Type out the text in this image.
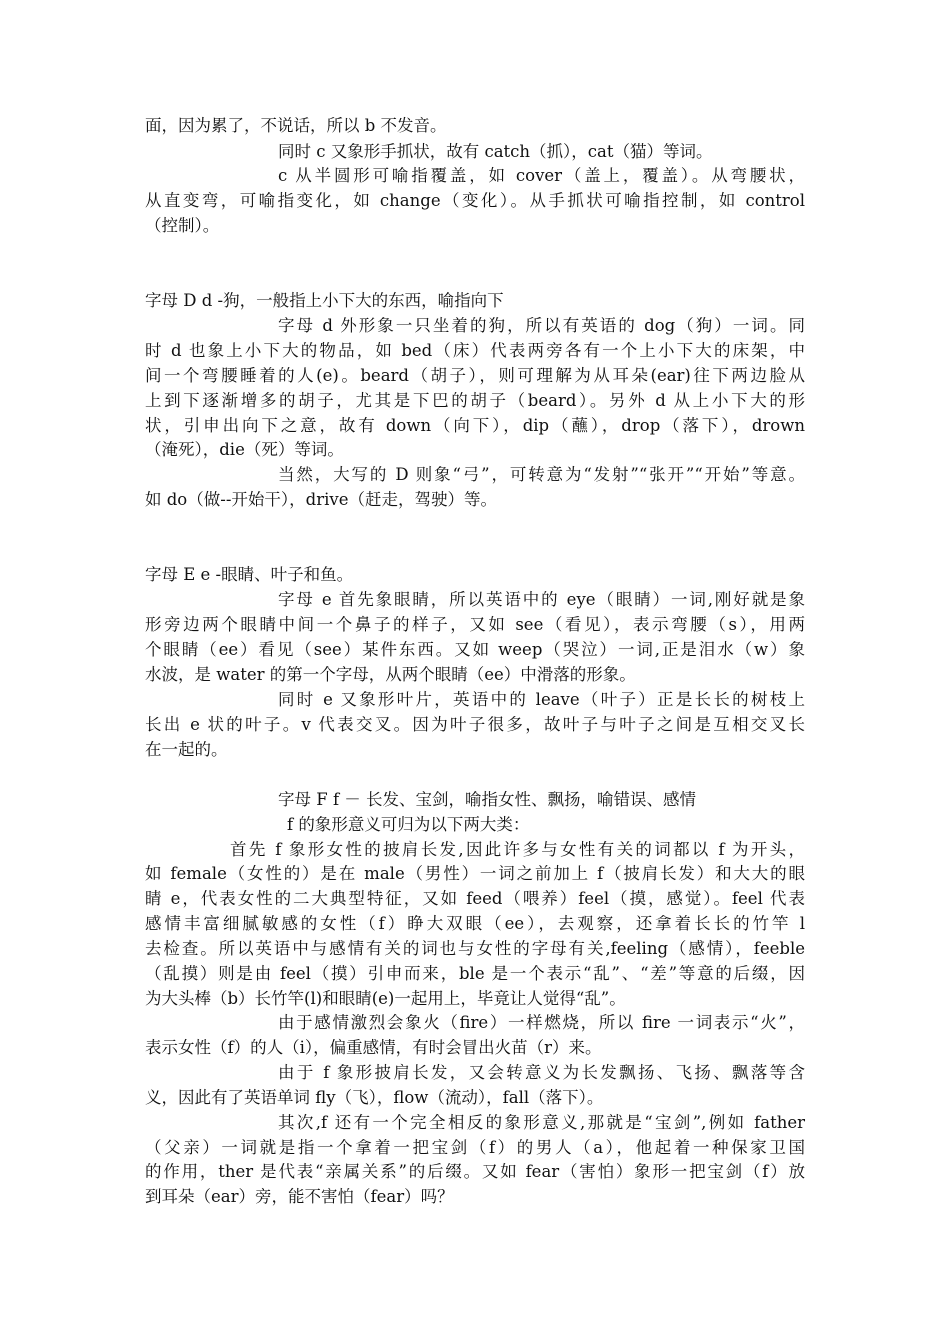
面，因为累了，不说话，所以 b 不发音。

同时 c 又象形手抓状，故有 catch（抓），cat（猫）等词。

c 从半圆形可喻指覆盖，如 cover（盖上，覆盖）。从弯腰状，

从直变弯，可喻指变化，如 change（变化）。从手抓状可喻指控制，如 control

（控制）。

字母 D d -狗，一般指上小下大的东西，喻指向下

字母 d 外形象一只坐着的狗，所以有英语的 dog（狗）一词。同

时 d 也象上小下大的物品，如 bed（床）代表两旁各有一个上小下大的床架，中

间一个弯腰睡着的人(e)。beard（胡子），则可理解为从耳朵(ear)往下两边脸从

上到下逐渐增多的胡子，尤其是下巴的胡子（beard）。另外 d 从上小下大的形

状，引申出向下之意，故有 down（向下），dip（蘸），drop（落下），drown

（淹死），die（死）等词。

当然，大写的 D 则象“弓”，可转意为“发射”“张开”“开始”等意。

如 do（做--开始干），drive（赶走，驾驶）等。

字母 E e -眼睛、叶子和鱼。

字母 e 首先象眼睛，所以英语中的 eye（眼睛）一词,刚好就是象

形旁边两个眼睛中间一个鼻子的样子，又如 see（看见），表示弯腰（s），用两

个眼睛（ee）看见（see）某件东西。又如 weep（哭泣）一词,正是泪水（w）象

水波，是 water 的第一个字母，从两个眼睛（ee）中滑落的形象。

同时 e 又象形叶片，英语中的 leave（叶子）正是长长的树枝上

长出 e 状的叶子。v 代表交叉。因为叶子很多，故叶子与叶子之间是互相交叉长

在一起的。

字母 F f － 长发、宝剑，喻指女性、飘扬，喻错误、感情

f 的象形意义可归为以下两大类：

首先 f 象形女性的披肩长发,因此许多与女性有关的词都以 f 为开头，

如 female（女性的）是在 male（男性）一词之前加上 f（披肩长发）和大大的眼

睛 e，代表女性的二大典型特征，又如 feed（喂养）feel（摸，感觉）。feel 代表

感情丰富细腻敏感的女性（f）睁大双眼（ee），去观察，还拿着长长的竹竿 l

去检查。所以英语中与感情有关的词也与女性的字母有关,feeling（感情），feeble

（乱摸）则是由 feel（摸）引申而来，ble 是一个表示“乱”、“差”等意的后缀，因

为大头棒（b）长竹竿(l)和眼睛(e)一起用上，毕竟让人觉得“乱”。

由于感情激烈会象火（fire）一样燃烧，所以 fire 一词表示“火”，

表示女性（f）的人（i），偏重感情，有时会冒出火苗（r）来。

由于 f 象形披肩长发，又会转意义为长发飘扬、飞扬、飘落等含

义，因此有了英语单词 fly（飞），flow（流动），fall（落下）。

其次,f 还有一个完全相反的象形意义,那就是“宝剑”,例如 father

（父亲）一词就是指一个拿着一把宝剑（f）的男人（a），他起着一种保家卫国

的作用，ther 是代表“亲属关系”的后缀。又如 fear（害怕）象形一把宝剑（f）放

到耳朵（ear）旁，能不害怕（fear）吗？
